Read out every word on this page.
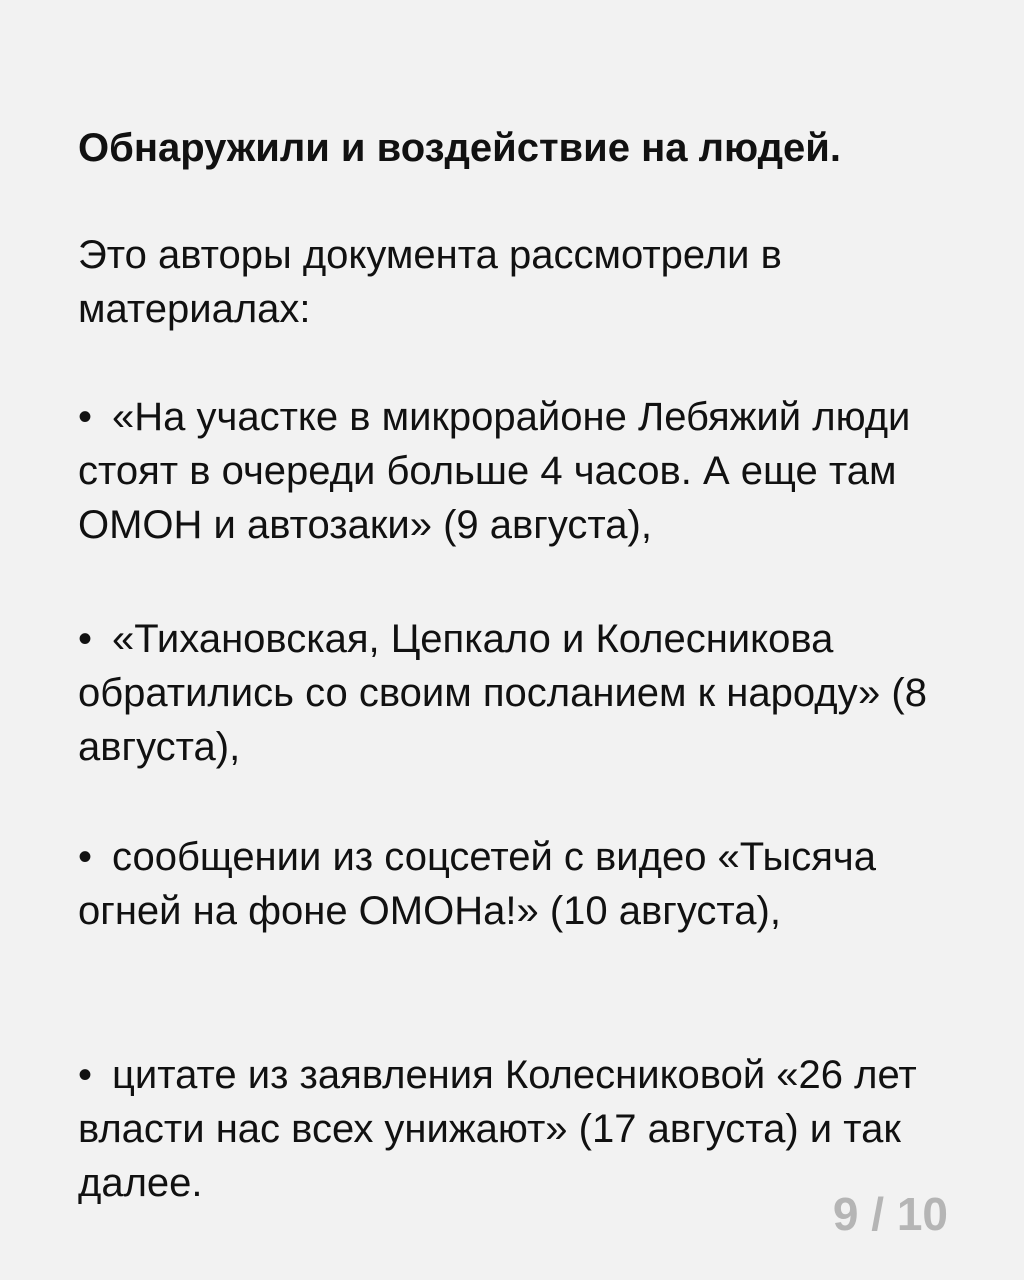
Обнаружили и воздействие на людей.

Это авторы документа рассмотрели в материалах:

• «На участке в микрорайоне Лебяжий люди стоят в очереди больше 4 часов. А еще там ОМОН и автозаки» (9 августа),

• «Тихановская, Цепкало и Колесникова обратились со своим посланием к народу» (8 августа),

• сообщении из соцсетей с видео «Тысяча огней на фоне ОМОНа!» (10 августа),

• цитате из заявления Колесниковой «26 лет власти нас всех унижают» (17 августа) и так далее.

9 / 10
